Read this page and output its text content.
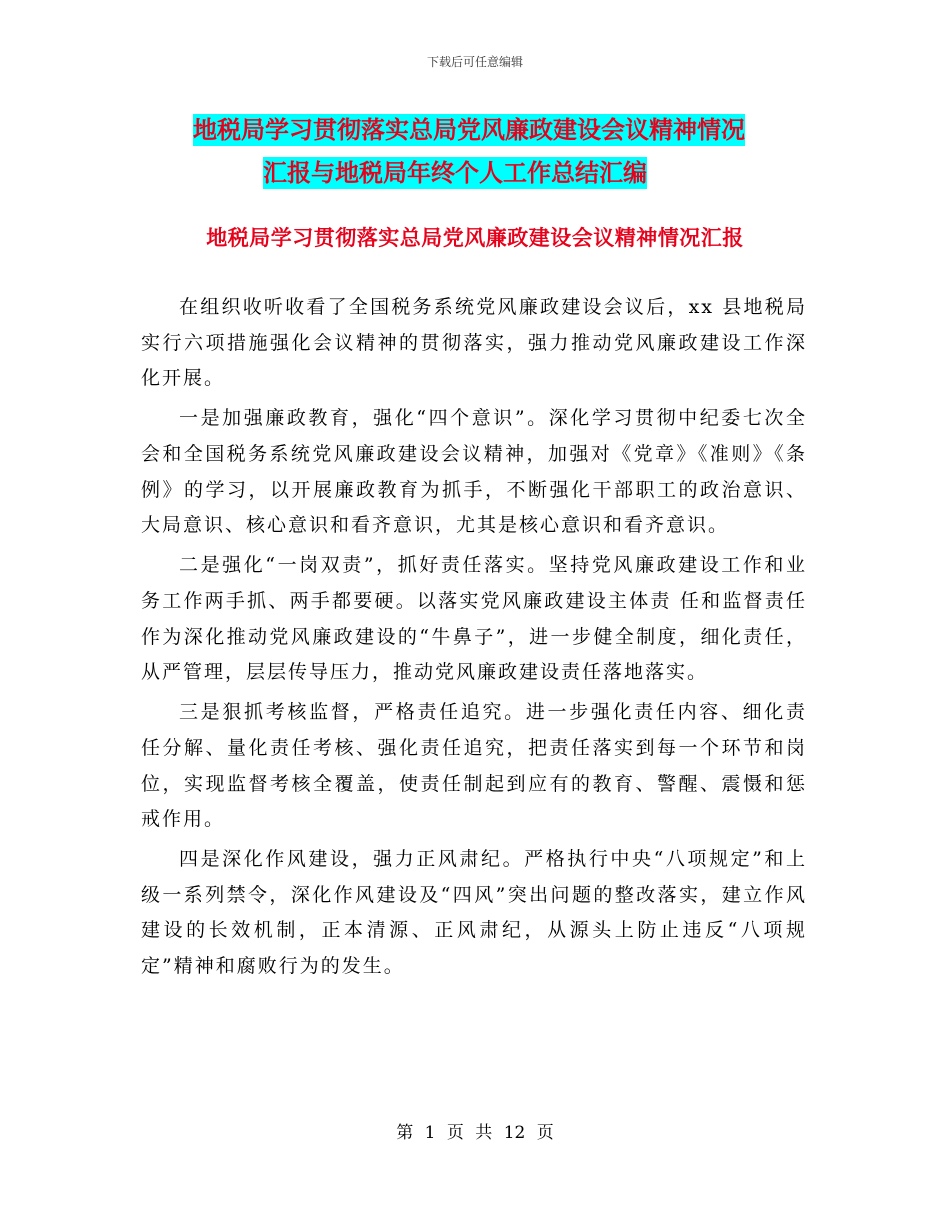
下载后可任意编辑
地税局学习贯彻落实总局党风廉政建设会议精神情况
汇报与地税局年终个人工作总结汇编
地税局学习贯彻落实总局党风廉政建设会议精神情况汇报

在组织收听收看了全国税务系统党风廉政建设会议后，xx 县地税局实行六项措施强化会议精神的贯彻落实，强力推动党风廉政建设工作深化开展。

一是加强廉政教育，强化“四个意识”。深化学习贯彻中纪委七次全会和全国税务系统党风廉政建设会议精神，加强对《党章》《准则》《条例》的学习，以开展廉政教育为抓手，不断强化干部职工的政治意识、大局意识、核心意识和看齐意识，尤其是核心意识和看齐意识。

二是强化“一岗双责”，抓好责任落实。坚持党风廉政建设工作和业务工作两手抓、两手都要硬。以落实党风廉政建设主体责 任和监督责任作为深化推动党风廉政建设的“牛鼻子”，进一步健全制度，细化责任，从严管理，层层传导压力，推动党风廉政建设责任落地落实。

三是狠抓考核监督，严格责任追究。进一步强化责任内容、细化责任分解、量化责任考核、强化责任追究，把责任落实到每一个环节和岗位，实现监督考核全覆盖，使责任制起到应有的教育、警醒、震慑和惩戒作用。

四是深化作风建设，强力正风肃纪。严格执行中央“八项规定”和上级一系列禁令，深化作风建设及“四风”突出问题的整改落实，建立作风建设的长效机制，正本清源、正风肃纪，从源头上防止违反“八项规定”精神和腐败行为的发生。

第 1 页 共 12 页
